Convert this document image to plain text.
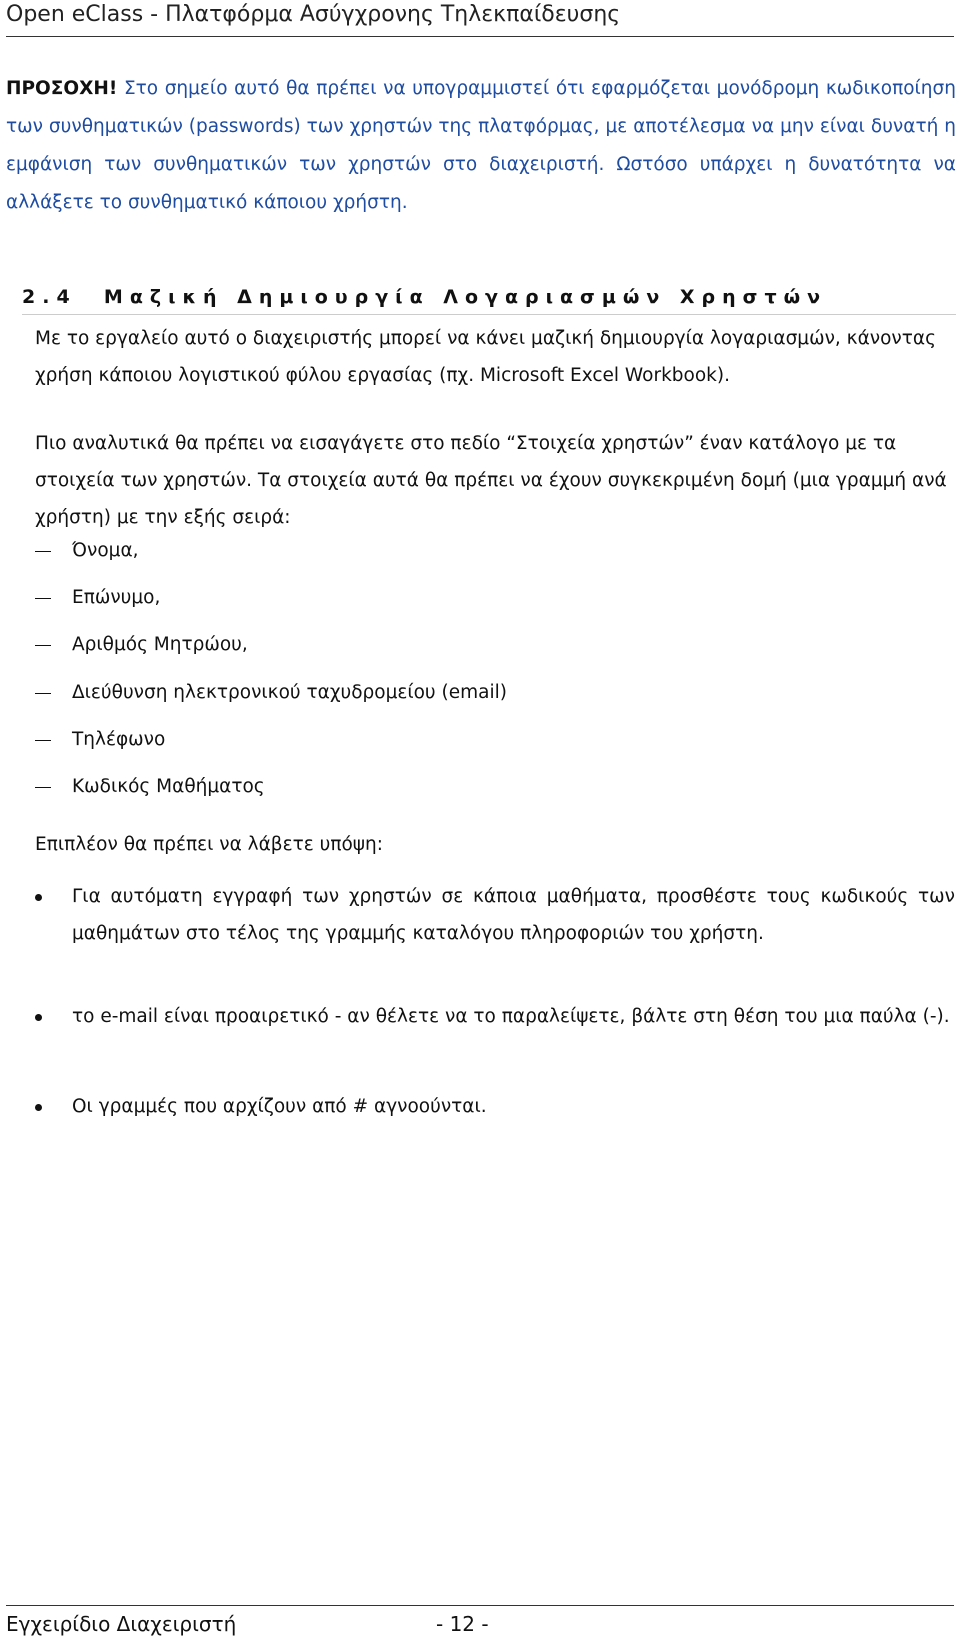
Open eClass - Πλατφόρμα Ασύγχρονης Τηλεκπαίδευσης
ΠΡΟΣΟΧΗ! Στο σημείο αυτό θα πρέπει να υπογραμμιστεί ότι εφαρμόζεται μονόδρομη κωδικοποίηση των συνθηματικών (passwords) των χρηστών της πλατφόρμας, με αποτέλεσμα να μην είναι δυνατή η εμφάνιση των συνθηματικών των χρηστών στο διαχειριστή. Ωστόσο υπάρχει η δυνατότητα να αλλάξετε το συνθηματικό κάποιου χρήστη.
2.4 Μαζική Δημιουργία Λογαριασμών Χρηστών
Με το εργαλείο αυτό ο διαχειριστής μπορεί να κάνει μαζική δημιουργία λογαριασμών, κάνοντας χρήση κάποιου λογιστικού φύλου εργασίας (πχ. Microsoft Excel Workbook).
Πιο αναλυτικά θα πρέπει να εισαγάγετε στο πεδίο “Στοιχεία χρηστών” έναν κατάλογο με τα στοιχεία των χρηστών. Τα στοιχεία αυτά θα πρέπει να έχουν συγκεκριμένη δομή (μια γραμμή ανά χρήστη) με την εξής σειρά:
Όνομα,
Επώνυμο,
Αριθμός Μητρώου,
Διεύθυνση ηλεκτρονικού ταχυδρομείου (email)
Τηλέφωνο
Κωδικός Μαθήματος
Επιπλέον θα πρέπει να λάβετε υπόψη:
Για αυτόματη εγγραφή των χρηστών σε κάποια μαθήματα, προσθέστε τους κωδικούς των μαθημάτων στο τέλος της γραμμής καταλόγου πληροφοριών του χρήστη.
το e-mail είναι προαιρετικό - αν θέλετε να το παραλείψετε, βάλτε στη θέση του μια παύλα (-).
Οι γραμμές που αρχίζουν από # αγνοούνται.
Εγχειρίδιο Διαχειριστή	- 12 -
